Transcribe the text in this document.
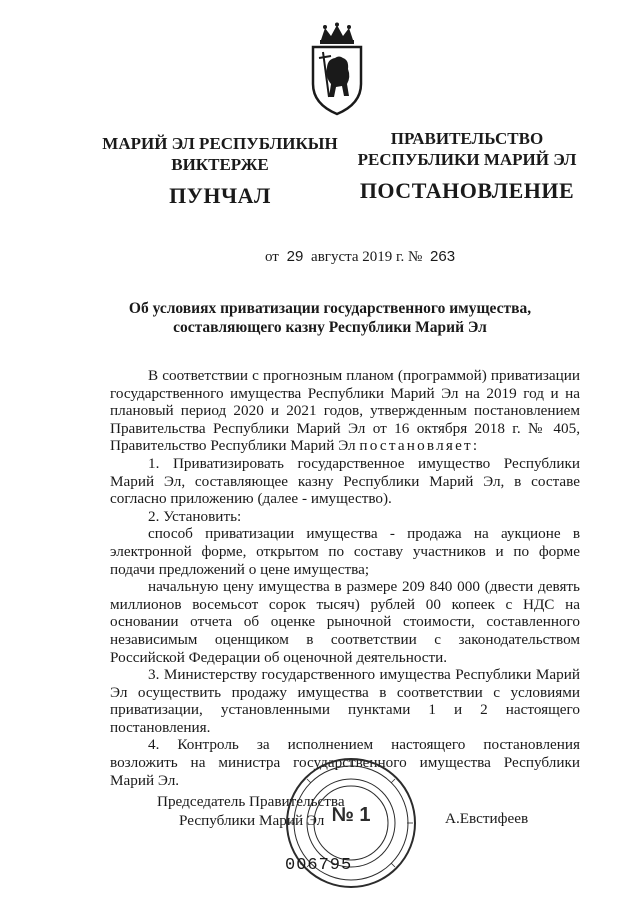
МАРИЙ ЭЛ РЕСПУБЛИКЫН
ВИКТЕРЖЕ
ПУНЧАЛ
ПРАВИТЕЛЬСТВО
РЕСПУБЛИКИ МАРИЙ ЭЛ
ПОСТАНОВЛЕНИЕ
от 29 августа 2019 г. № 263
Об условиях приватизации государственного имущества,
составляющего казну Республики Марий Эл

В соответствии с прогнозным планом (программой) приватизации государственного имущества Республики Марий Эл на 2019 год и на плановый период 2020 и 2021 годов, утвержденным постановлением Правительства Республики Марий Эл от 16 октября 2018 г. № 405, Правительство Республики Марий Эл постановляет:

1. Приватизировать государственное имущество Республики Марий Эл, составляющее казну Республики Марий Эл, в составе согласно приложению (далее - имущество).

2. Установить:

способ приватизации имущества - продажа на аукционе в электронной форме, открытом по составу участников и по форме подачи предложений о цене имущества;

начальную цену имущества в размере 209 840 000 (двести девять миллионов восемьсот сорок тысяч) рублей 00 копеек с НДС на основании отчета об оценке рыночной стоимости, составленного независимым оценщиком в соответствии с законодательством Российской Федерации об оценочной деятельности.

3. Министерству государственного имущества Республики Марий Эл осуществить продажу имущества в соответствии с условиями приватизации, установленными пунктами 1 и 2 настоящего постановления.

4. Контроль за исполнением настоящего постановления возложить на министра государственного имущества Республики Марий Эл.

Председатель Правительства
Республики Марий Эл	А.Евстифеев
№ 1
006795
